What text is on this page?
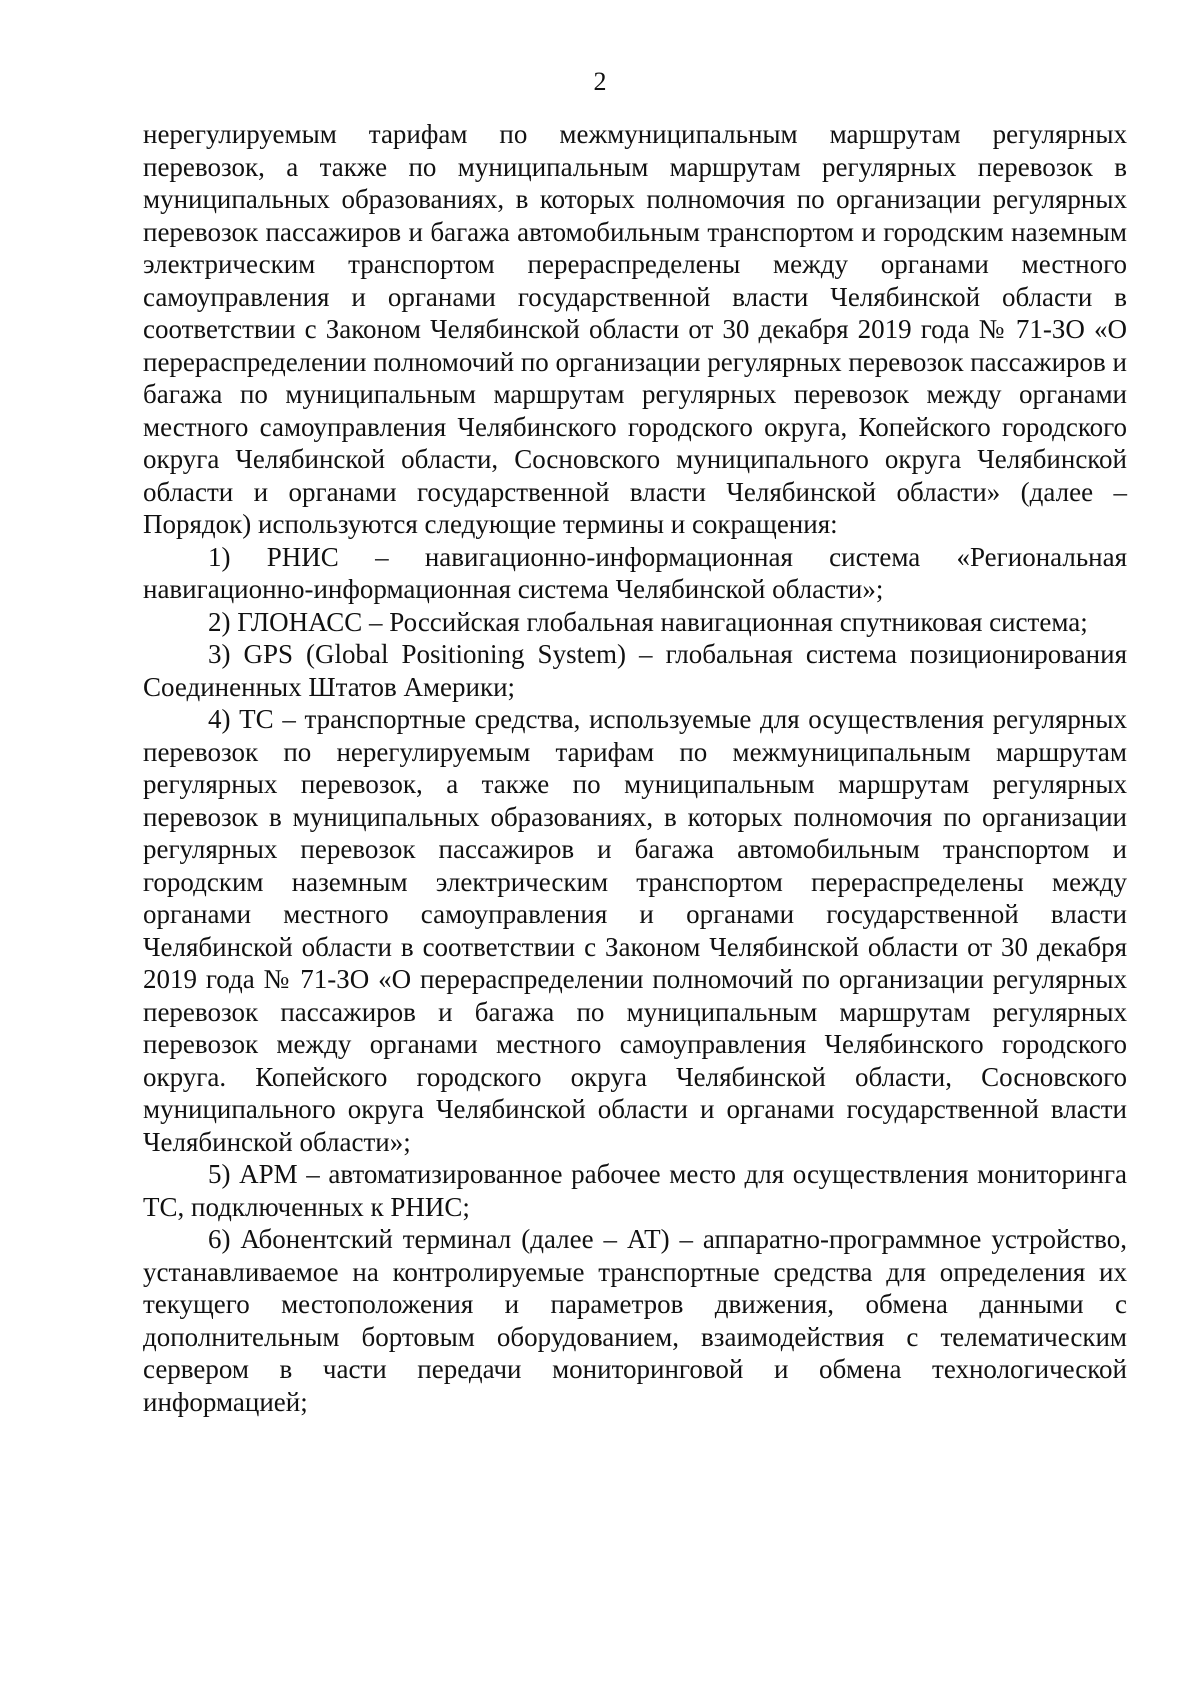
2

нерегулируемым тарифам по межмуниципальным маршрутам регулярных перевозок, а также по муниципальным маршрутам регулярных перевозок в муниципальных образованиях, в которых полномочия по организации регулярных перевозок пассажиров и багажа автомобильным транспортом и городским наземным электрическим транспортом перераспределены между органами местного самоуправления и органами государственной власти Челябинской области в соответствии с Законом Челябинской области от 30 декабря 2019 года № 71-ЗО «О перераспределении полномочий по организации регулярных перевозок пассажиров и багажа по муниципальным маршрутам регулярных перевозок между органами местного самоуправления Челябинского городского округа, Копейского городского округа Челябинской области, Сосновского муниципального округа Челябинской области и органами государственной власти Челябинской области» (далее – Порядок) используются следующие термины и сокращения:

1) РНИС – навигационно-информационная система «Региональная навигационно-информационная система Челябинской области»;

2) ГЛОНАСС – Российская глобальная навигационная спутниковая система;

3) GPS (Global Positioning System) – глобальная система позиционирования Соединенных Штатов Америки;

4) ТС – транспортные средства, используемые для осуществления регулярных перевозок по нерегулируемым тарифам по межмуниципальным маршрутам регулярных перевозок, а также по муниципальным маршрутам регулярных перевозок в муниципальных образованиях, в которых полномочия по организации регулярных перевозок пассажиров и багажа автомобильным транспортом и городским наземным электрическим транспортом перераспределены между органами местного самоуправления и органами государственной власти Челябинской области в соответствии с Законом Челябинской области от 30 декабря 2019 года № 71-ЗО «О перераспределении полномочий по организации регулярных перевозок пассажиров и багажа по муниципальным маршрутам регулярных перевозок между органами местного самоуправления Челябинского городского округа. Копейского городского округа Челябинской области, Сосновского муниципального округа Челябинской области и органами государственной власти Челябинской области»;

5) АРМ – автоматизированное рабочее место для осуществления мониторинга ТС, подключенных к РНИС;

6) Абонентский терминал (далее – АТ) – аппаратно-программное устройство, устанавливаемое на контролируемые транспортные средства для определения их текущего местоположения и параметров движения, обмена данными с дополнительным бортовым оборудованием, взаимодействия с телематическим сервером в части передачи мониторинговой и обмена технологической информацией;
